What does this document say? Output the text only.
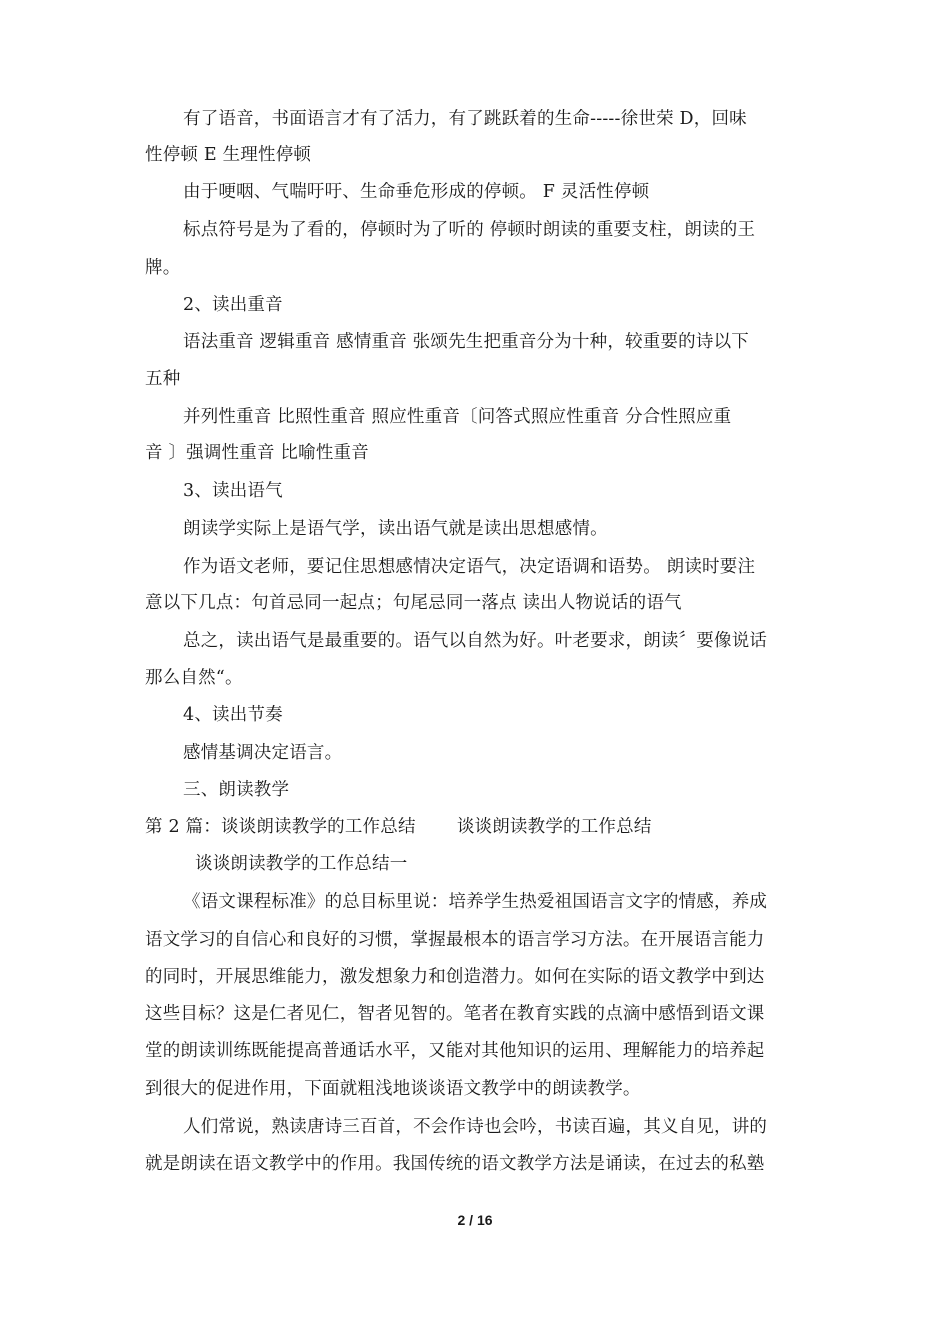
有了语音，书面语言才有了活力，有了跳跃着的生命-----徐世荣 D，回味
性停顿 E 生理性停顿
由于哽咽、气喘吁吁、生命垂危形成的停顿。 F 灵活性停顿
标点符号是为了看的，停顿时为了听的 停顿时朗读的重要支柱，朗读的王
牌。
2、读出重音
语法重音 逻辑重音 感情重音 张颂先生把重音分为十种，较重要的诗以下
五种
并列性重音 比照性重音 照应性重音〔问答式照应性重音 分合性照应重
音 〕强调性重音 比喻性重音
3、读出语气
朗读学实际上是语气学，读出语气就是读出思想感情。
作为语文老师，要记住思想感情决定语气，决定语调和语势。 朗读时要注
意以下几点：句首忌同一起点；句尾忌同一落点 读出人物说话的语气
总之，读出语气是最重要的。语气以自然为好。叶老要求，朗读〞要像说话
那么自然“。
4、读出节奏
感情基调决定语言。
三、朗读教学
第 2 篇：谈谈朗读教学的工作总结　　 谈谈朗读教学的工作总结
谈谈朗读教学的工作总结一
《语文课程标准》的总目标里说：培养学生热爱祖国语言文字的情感，养成
语文学习的自信心和良好的习惯，掌握最根本的语言学习方法。在开展语言能力
的同时，开展思维能力，激发想象力和创造潜力。如何在实际的语文教学中到达
这些目标？这是仁者见仁，智者见智的。笔者在教育实践的点滴中感悟到语文课
堂的朗读训练既能提高普通话水平，又能对其他知识的运用、理解能力的培养起
到很大的促进作用，下面就粗浅地谈谈语文教学中的朗读教学。
人们常说，熟读唐诗三百首，不会作诗也会吟，书读百遍，其义自见，讲的
就是朗读在语文教学中的作用。我国传统的语文教学方法是诵读，在过去的私塾
2 / 16
